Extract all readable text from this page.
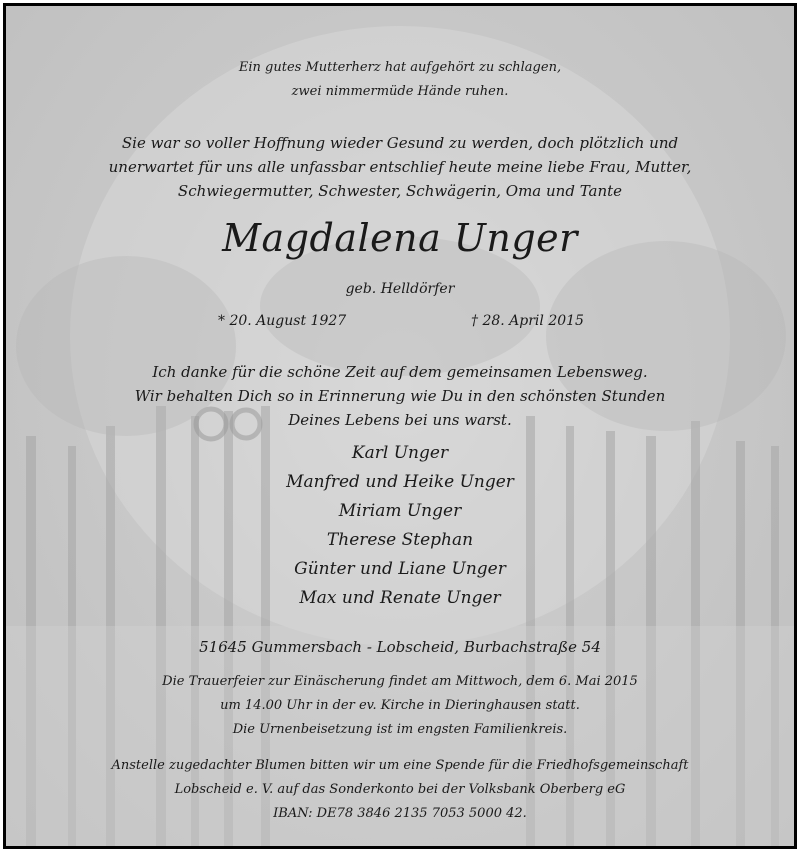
Ein gutes Mutterherz hat aufgehört zu schlagen,
zwei nimmermüde Hände ruhen.
Sie war so voller Hoffnung wieder Gesund zu werden, doch plötzlich und
unerwartet für uns alle unfassbar entschlief heute meine liebe Frau, Mutter,
Schwiegermutter, Schwester, Schwägerin, Oma und Tante
Magdalena Unger
geb. Helldörfer
* 20. August 1927	† 28. April 2015
Ich danke für die schöne Zeit auf dem gemeinsamen Lebensweg.
Wir behalten Dich so in Erinnerung wie Du in den schönsten Stunden
Deines Lebens bei uns warst.
Karl Unger
Manfred und Heike Unger
Miriam Unger
Therese Stephan
Günter und Liane Unger
Max und Renate Unger
51645 Gummersbach - Lobscheid, Burbachstraße 54
Die Trauerfeier zur Einäscherung findet am Mittwoch, dem 6. Mai 2015
um 14.00 Uhr in der ev. Kirche in Dieringhausen statt.
Die Urnenbeisetzung ist im engsten Familienkreis.
Anstelle zugedachter Blumen bitten wir um eine Spende für die Friedhofsgemeinschaft
Lobscheid e. V. auf das Sonderkonto bei der Volksbank Oberberg eG
IBAN: DE78 3846 2135 7053 5000 42.
